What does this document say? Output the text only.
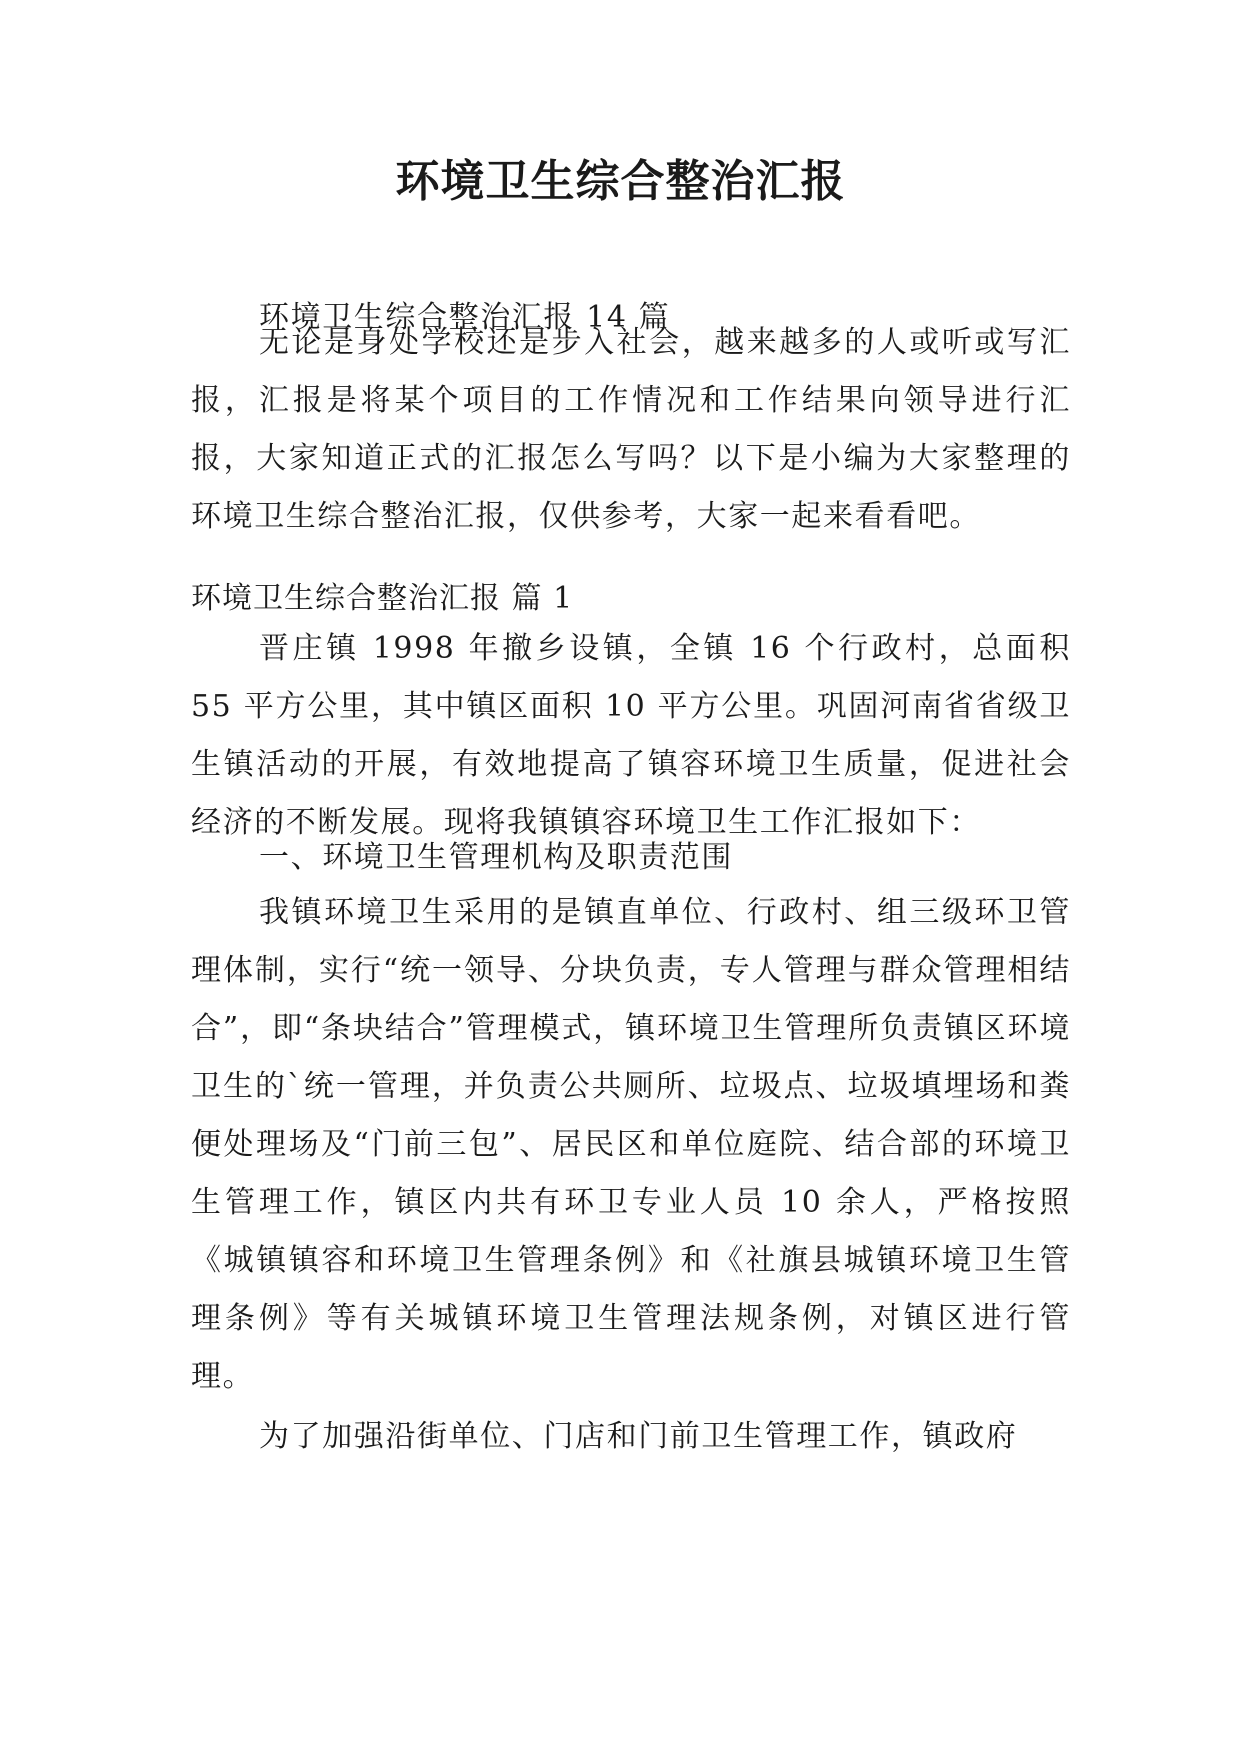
环境卫生综合整治汇报

环境卫生综合整治汇报 14 篇

无论是身处学校还是步入社会，越来越多的人或听或写汇报，汇报是将某个项目的工作情况和工作结果向领导进行汇报，大家知道正式的汇报怎么写吗？以下是小编为大家整理的环境卫生综合整治汇报，仅供参考，大家一起来看看吧。

环境卫生综合整治汇报 篇 1

晋庄镇 1998 年撤乡设镇，全镇 16 个行政村，总面积 55 平方公里，其中镇区面积 10 平方公里。巩固河南省省级卫生镇活动的开展，有效地提高了镇容环境卫生质量，促进社会经济的不断发展。现将我镇镇容环境卫生工作汇报如下：

一、环境卫生管理机构及职责范围

我镇环境卫生采用的是镇直单位、行政村、组三级环卫管理体制，实行“统一领导、分块负责，专人管理与群众管理相结合”，即“条块结合”管理模式，镇环境卫生管理所负责镇区环境卫生的`统一管理，并负责公共厕所、垃圾点、垃圾填埋场和粪便处理场及“门前三包”、居民区和单位庭院、结合部的环境卫生管理工作，镇区内共有环卫专业人员 10 余人，严格按照《城镇镇容和环境卫生管理条例》和《社旗县城镇环境卫生管理条例》等有关城镇环境卫生管理法规条例，对镇区进行管理。

为了加强沿街单位、门店和门前卫生管理工作，镇政府
